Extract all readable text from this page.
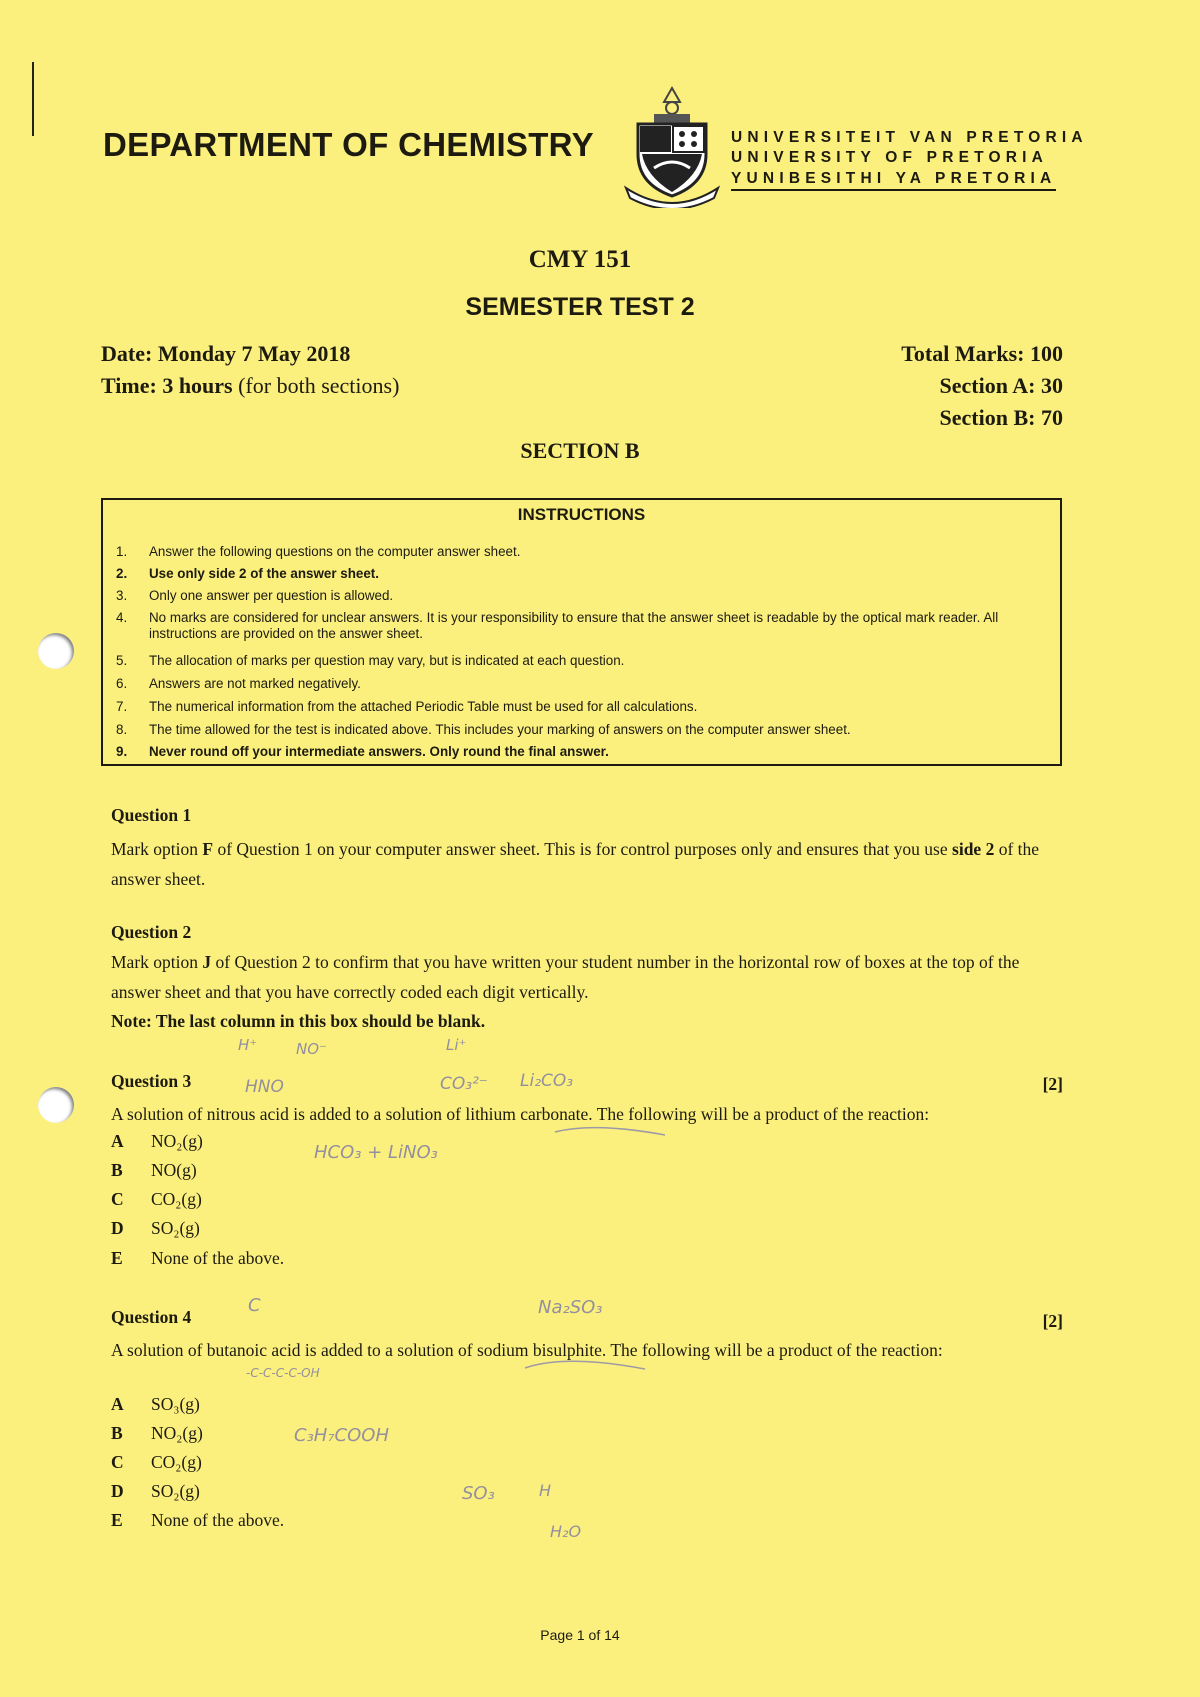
DEPARTMENT OF CHEMISTRY	UNIVERSITEIT VAN PRETORIA
UNIVERSITY OF PRETORIA
YUNIBESITHI YA PRETORIA
CMY 151
SEMESTER TEST 2
Date: Monday 7 May 2018
Time: 3 hours (for both sections)
Total Marks: 100
Section A: 30
Section B: 70
SECTION B
INSTRUCTIONS
1.	Answer the following questions on the computer answer sheet.
2.	Use only side 2 of the answer sheet.
3.	Only one answer per question is allowed.
4.	No marks are considered for unclear answers. It is your responsibility to ensure that the answer sheet is readable by the optical mark reader. All instructions are provided on the answer sheet.
5.	The allocation of marks per question may vary, but is indicated at each question.
6.	Answers are not marked negatively.
7.	The numerical information from the attached Periodic Table must be used for all calculations.
8.	The time allowed for the test is indicated above. This includes your marking of answers on the computer answer sheet.
9.	Never round off your intermediate answers. Only round the final answer.
Question 1
Mark option F of Question 1 on your computer answer sheet. This is for control purposes only and ensures that you use side 2 of the answer sheet.
Question 2
Mark option J of Question 2 to confirm that you have written your student number in the horizontal row of boxes at the top of the answer sheet and that you have correctly coded each digit vertically.
Note: The last column in this box should be blank.
H⁺	NO⁻	Li⁺
Question 3	HNO	CO₃²⁻ Li₂CO₃	[2]
A solution of nitrous acid is added to a solution of lithium carbonate. The following will be a product of the reaction:
HCO₃ + LiNO₃
A	NO₂(g)
B	NO(g)
C	CO₂(g)
D	SO₂(g)
E	None of the above.
C	Na₂SO₃
Question 4	[2]
A solution of butanoic acid is added to a solution of sodium bisulphite. The following will be a product of the reaction:
-C-C-C-C-OH
C₃H₇COOH
A	SO₃(g)
B	NO₂(g)
C	CO₂(g)
D	SO₂(g)
E	None of the above.
SO₃	H
H₂O
Page 1 of 14
